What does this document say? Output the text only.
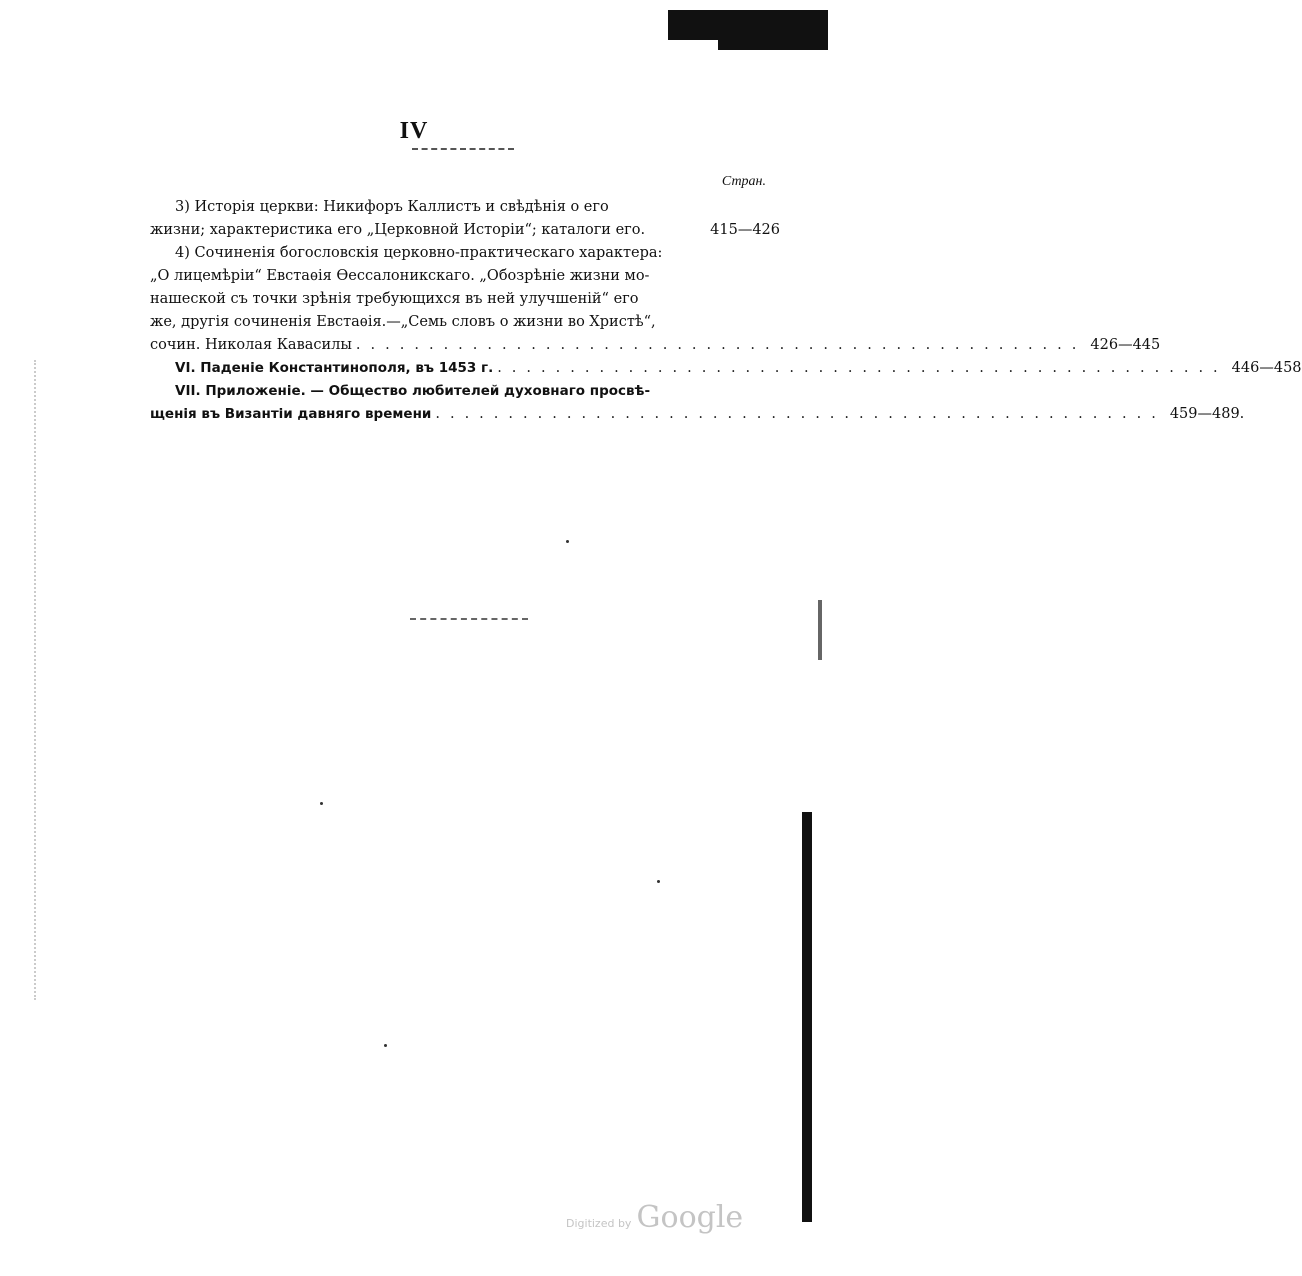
IV
Стран.
3) Исторія церкви: Никифоръ Каллистъ и свѣдѣнія о его
жизни; характеристика его „Церковной Исторіи“; каталоги его.	415—426
4) Сочиненія богословскія церковно-практическаго характера:
„О лицемѣріи“ Евстаѳія Ѳессалоникскаго. „Обозрѣніе жизни мо-
нашеской съ точки зрѣнія требующихся въ ней улучшеній“ его
же, другія сочиненія Евстаѳія.—„Семь словъ о жизни во Христѣ“,
сочин. Николая Кавасилы .................................................. 426—445
VI. Паденіе Константинополя, въ 1453 г. .................................................. 446—458
VII. Приложеніе. — Общество любителей духовнаго просвѣ-
щенія въ Византіи давняго времени .................................................. 459—489.
Digitized by Google
